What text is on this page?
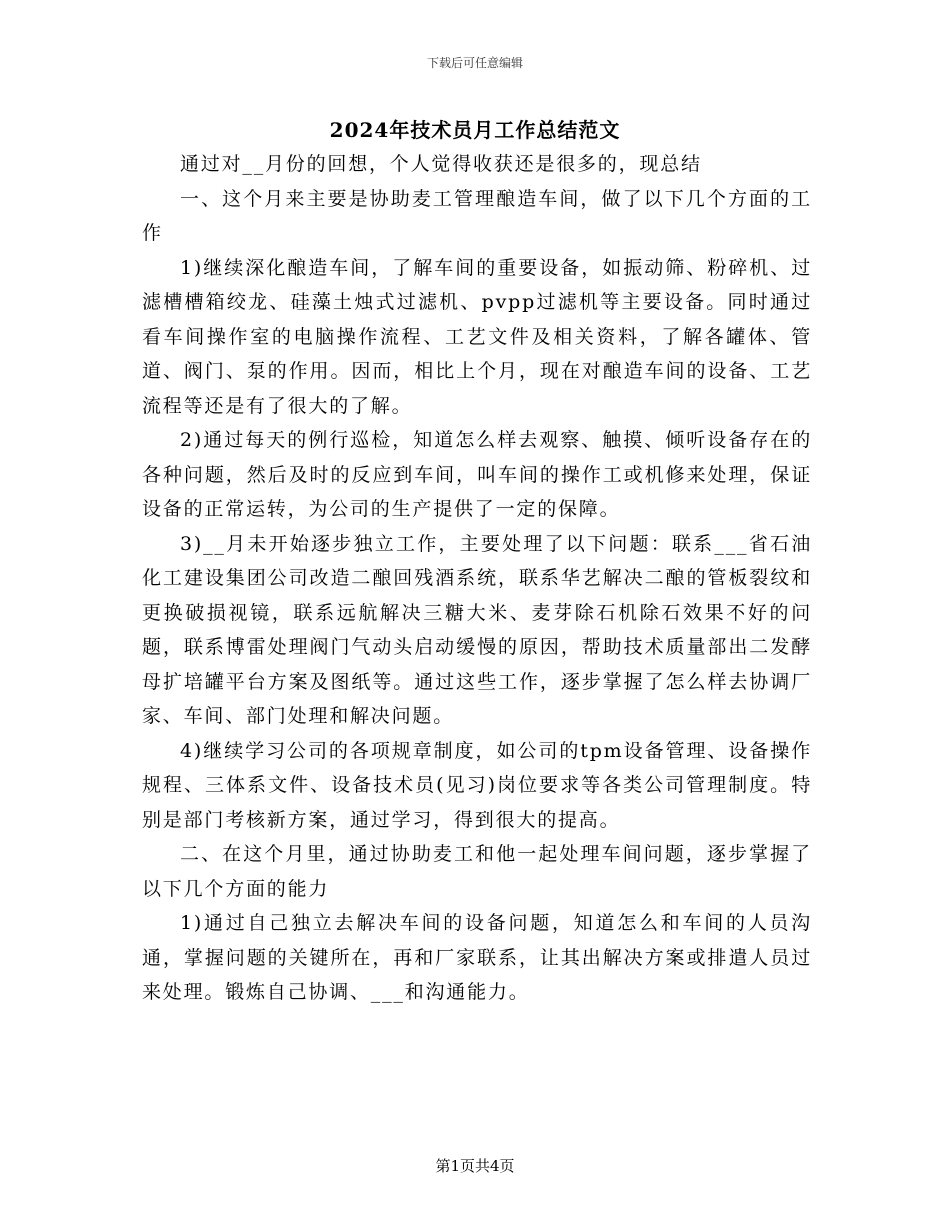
下载后可任意编辑
2024年技术员月工作总结范文

通过对__月份的回想，个人觉得收获还是很多的，现总结

一、这个月来主要是协助麦工管理酿造车间，做了以下几个方面的工作

1)继续深化酿造车间，了解车间的重要设备，如振动筛、粉碎机、过滤槽槽箱绞龙、硅藻土烛式过滤机、pvpp过滤机等主要设备。同时通过看车间操作室的电脑操作流程、工艺文件及相关资料，了解各罐体、管道、阀门、泵的作用。因而，相比上个月，现在对酿造车间的设备、工艺流程等还是有了很大的了解。

2)通过每天的例行巡检，知道怎么样去观察、触摸、倾听设备存在的各种问题，然后及时的反应到车间，叫车间的操作工或机修来处理，保证设备的正常运转，为公司的生产提供了一定的保障。

3)__月未开始逐步独立工作，主要处理了以下问题：联系___省石油化工建设集团公司改造二酿回残酒系统，联系华艺解决二酿的管板裂纹和更换破损视镜，联系远航解决三糖大米、麦芽除石机除石效果不好的问题，联系博雷处理阀门气动头启动缓慢的原因，帮助技术质量部出二发酵母扩培罐平台方案及图纸等。通过这些工作，逐步掌握了怎么样去协调厂家、车间、部门处理和解决问题。

4)继续学习公司的各项规章制度，如公司的tpm设备管理、设备操作规程、三体系文件、设备技术员(见习)岗位要求等各类公司管理制度。特别是部门考核新方案，通过学习，得到很大的提高。

二、在这个月里，通过协助麦工和他一起处理车间问题，逐步掌握了以下几个方面的能力

1)通过自己独立去解决车间的设备问题，知道怎么和车间的人员沟通，掌握问题的关键所在，再和厂家联系，让其出解决方案或排遣人员过来处理。锻炼自己协调、___和沟通能力。

第1页共4页
